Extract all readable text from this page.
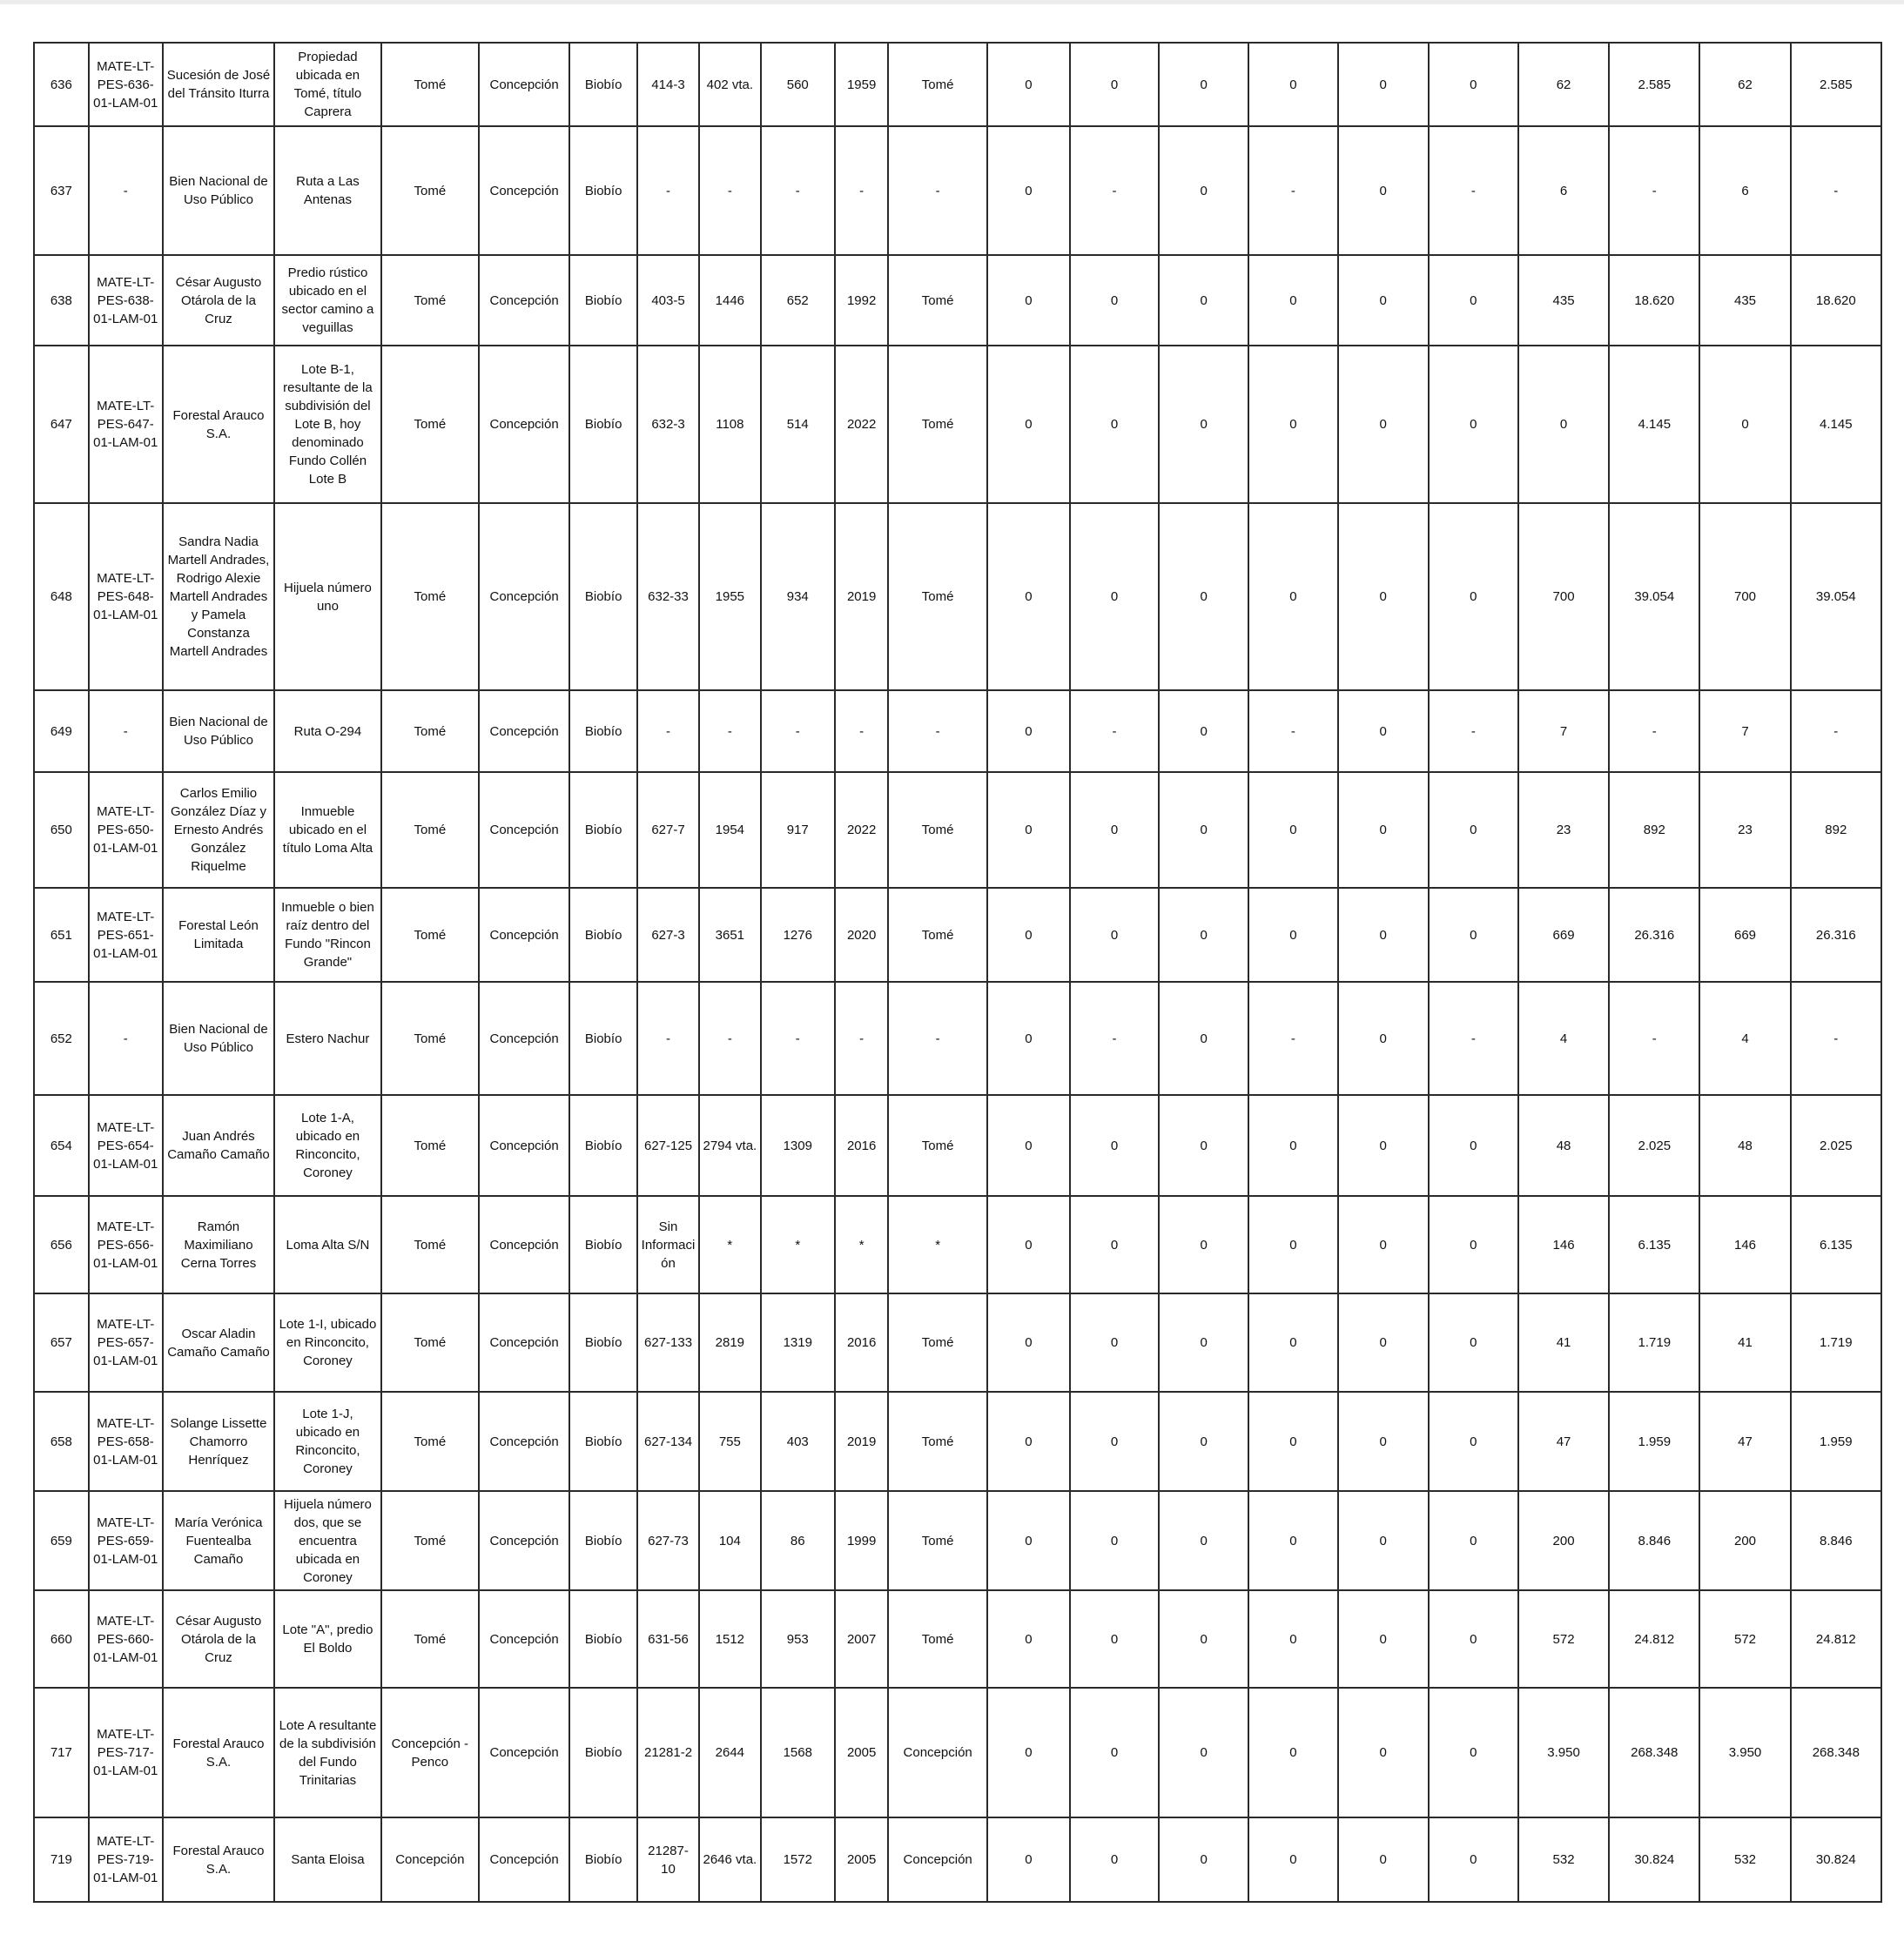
636	MATE-LT-PES-636-01-LAM-01	Sucesión de José del Tránsito Iturra	Propiedad ubicada en Tomé, título Caprera	Tomé	Concepción	Biobío	414-3	402 vta.	560	1959	Tomé	0	0	0	0	0	0	62	2.585	62	2.585
637	-	Bien Nacional de Uso Público	Ruta a Las Antenas	Tomé	Concepción	Biobío	-	-	-	-	-	0	-	0	-	0	-	6	-	6	-
638	MATE-LT-PES-638-01-LAM-01	César Augusto Otárola de la Cruz	Predio rústico ubicado en el sector camino a veguillas	Tomé	Concepción	Biobío	403-5	1446	652	1992	Tomé	0	0	0	0	0	0	435	18.620	435	18.620
647	MATE-LT-PES-647-01-LAM-01	Forestal Arauco S.A.	Lote B-1, resultante de la subdivisión del Lote B, hoy denominado Fundo Collén Lote B	Tomé	Concepción	Biobío	632-3	1108	514	2022	Tomé	0	0	0	0	0	0	0	4.145	0	4.145
648	MATE-LT-PES-648-01-LAM-01	Sandra Nadia Martell Andrades, Rodrigo Alexie Martell Andrades y Pamela Constanza Martell Andrades	Hijuela número uno	Tomé	Concepción	Biobío	632-33	1955	934	2019	Tomé	0	0	0	0	0	0	700	39.054	700	39.054
649	-	Bien Nacional de Uso Público	Ruta O-294	Tomé	Concepción	Biobío	-	-	-	-	-	0	-	0	-	0	-	7	-	7	-
650	MATE-LT-PES-650-01-LAM-01	Carlos Emilio González Díaz y Ernesto Andrés González Riquelme	Inmueble ubicado en el título Loma Alta	Tomé	Concepción	Biobío	627-7	1954	917	2022	Tomé	0	0	0	0	0	0	23	892	23	892
651	MATE-LT-PES-651-01-LAM-01	Forestal León Limitada	Inmueble o bien raíz dentro del Fundo "Rincon Grande"	Tomé	Concepción	Biobío	627-3	3651	1276	2020	Tomé	0	0	0	0	0	0	669	26.316	669	26.316
652	-	Bien Nacional de Uso Público	Estero Nachur	Tomé	Concepción	Biobío	-	-	-	-	-	0	-	0	-	0	-	4	-	4	-
654	MATE-LT-PES-654-01-LAM-01	Juan Andrés Camaño Camaño	Lote 1-A, ubicado en Rinconcito, Coroney	Tomé	Concepción	Biobío	627-125	2794 vta.	1309	2016	Tomé	0	0	0	0	0	0	48	2.025	48	2.025
656	MATE-LT-PES-656-01-LAM-01	Ramón Maximiliano Cerna Torres	Loma Alta S/N	Tomé	Concepción	Biobío	Sin Información	*	*	*	*	0	0	0	0	0	0	146	6.135	146	6.135
657	MATE-LT-PES-657-01-LAM-01	Oscar Aladin Camaño Camaño	Lote 1-I, ubicado en Rinconcito, Coroney	Tomé	Concepción	Biobío	627-133	2819	1319	2016	Tomé	0	0	0	0	0	0	41	1.719	41	1.719
658	MATE-LT-PES-658-01-LAM-01	Solange Lissette Chamorro Henríquez	Lote 1-J, ubicado en Rinconcito, Coroney	Tomé	Concepción	Biobío	627-134	755	403	2019	Tomé	0	0	0	0	0	0	47	1.959	47	1.959
659	MATE-LT-PES-659-01-LAM-01	María Verónica Fuentealba Camaño	Hijuela número dos, que se encuentra ubicada en Coroney	Tomé	Concepción	Biobío	627-73	104	86	1999	Tomé	0	0	0	0	0	0	200	8.846	200	8.846
660	MATE-LT-PES-660-01-LAM-01	César Augusto Otárola de la Cruz	Lote "A", predio El Boldo	Tomé	Concepción	Biobío	631-56	1512	953	2007	Tomé	0	0	0	0	0	0	572	24.812	572	24.812
717	MATE-LT-PES-717-01-LAM-01	Forestal Arauco S.A.	Lote A resultante de la subdivisión del Fundo Trinitarias	Concepción - Penco	Concepción	Biobío	21281-2	2644	1568	2005	Concepción	0	0	0	0	0	0	3.950	268.348	3.950	268.348
719	MATE-LT-PES-719-01-LAM-01	Forestal Arauco S.A.	Santa Eloisa	Concepción	Concepción	Biobío	21287-10	2646 vta.	1572	2005	Concepción	0	0	0	0	0	0	532	30.824	532	30.824
